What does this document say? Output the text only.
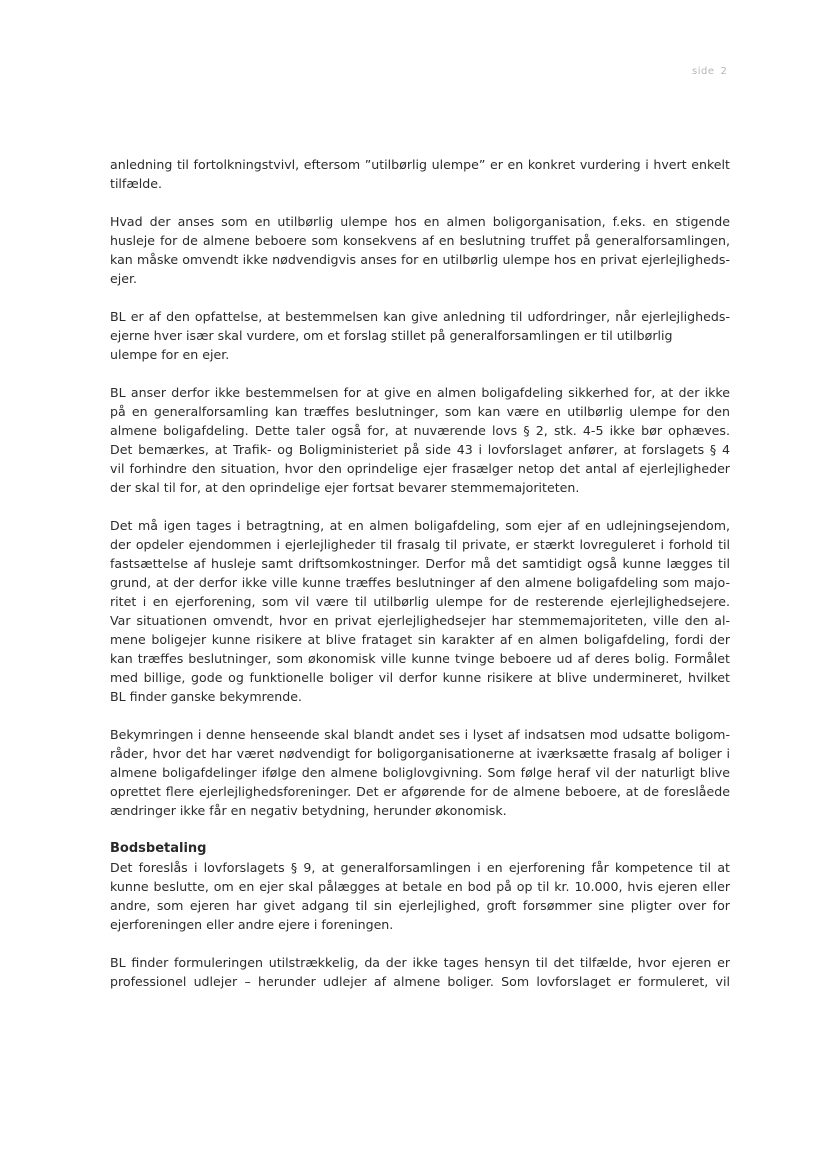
side 2

anledning til fortolkningstvivl, eftersom ”utilbørlig ulempe” er en konkret vurdering i hvert enkelt
tilfælde.

Hvad der anses som en utilbørlig ulempe hos en almen boligorganisation, f.eks. en stigende
husleje for de almene beboere som konsekvens af en beslutning truffet på generalforsamlingen,
kan måske omvendt ikke nødvendigvis anses for en utilbørlig ulempe hos en privat ejerlejligheds-
ejer.

BL er af den opfattelse, at bestemmelsen kan give anledning til udfordringer, når ejerlejligheds-
ejerne hver især skal vurdere, om et forslag stillet på generalforsamlingen er til utilbørlig
ulempe for en ejer.

BL anser derfor ikke bestemmelsen for at give en almen boligafdeling sikkerhed for, at der ikke
på en generalforsamling kan træffes beslutninger, som kan være en utilbørlig ulempe for den
almene boligafdeling. Dette taler også for, at nuværende lovs § 2, stk. 4-5 ikke bør ophæves.
Det bemærkes, at Trafik- og Boligministeriet på side 43 i lovforslaget anfører, at forslagets § 4
vil forhindre den situation, hvor den oprindelige ejer frasælger netop det antal af ejerlejligheder
der skal til for, at den oprindelige ejer fortsat bevarer stemmemajoriteten.

Det må igen tages i betragtning, at en almen boligafdeling, som ejer af en udlejningsejendom,
der opdeler ejendommen i ejerlejligheder til frasalg til private, er stærkt lovreguleret i forhold til
fastsættelse af husleje samt driftsomkostninger. Derfor må det samtidigt også kunne lægges til
grund, at der derfor ikke ville kunne træffes beslutninger af den almene boligafdeling som majo-
ritet i en ejerforening, som vil være til utilbørlig ulempe for de resterende ejerlejlighedsejere.
Var situationen omvendt, hvor en privat ejerlejlighedsejer har stemmemajoriteten, ville den al-
mene boligejer kunne risikere at blive frataget sin karakter af en almen boligafdeling, fordi der
kan træffes beslutninger, som økonomisk ville kunne tvinge beboere ud af deres bolig. Formålet
med billige, gode og funktionelle boliger vil derfor kunne risikere at blive undermineret, hvilket
BL finder ganske bekymrende.

Bekymringen i denne henseende skal blandt andet ses i lyset af indsatsen mod udsatte boligom-
råder, hvor det har været nødvendigt for boligorganisationerne at iværksætte frasalg af boliger i
almene boligafdelinger ifølge den almene boliglovgivning. Som følge heraf vil der naturligt blive
oprettet flere ejerlejlighedsforeninger. Det er afgørende for de almene beboere, at de foreslåede
ændringer ikke får en negativ betydning, herunder økonomisk.

Bodsbetaling

Det foreslås i lovforslagets § 9, at generalforsamlingen i en ejerforening får kompetence til at
kunne beslutte, om en ejer skal pålægges at betale en bod på op til kr. 10.000, hvis ejeren eller
andre, som ejeren har givet adgang til sin ejerlejlighed, groft forsømmer sine pligter over for
ejerforeningen eller andre ejere i foreningen.

BL finder formuleringen utilstrækkelig, da der ikke tages hensyn til det tilfælde, hvor ejeren er
professionel udlejer – herunder udlejer af almene boliger. Som lovforslaget er formuleret, vil
